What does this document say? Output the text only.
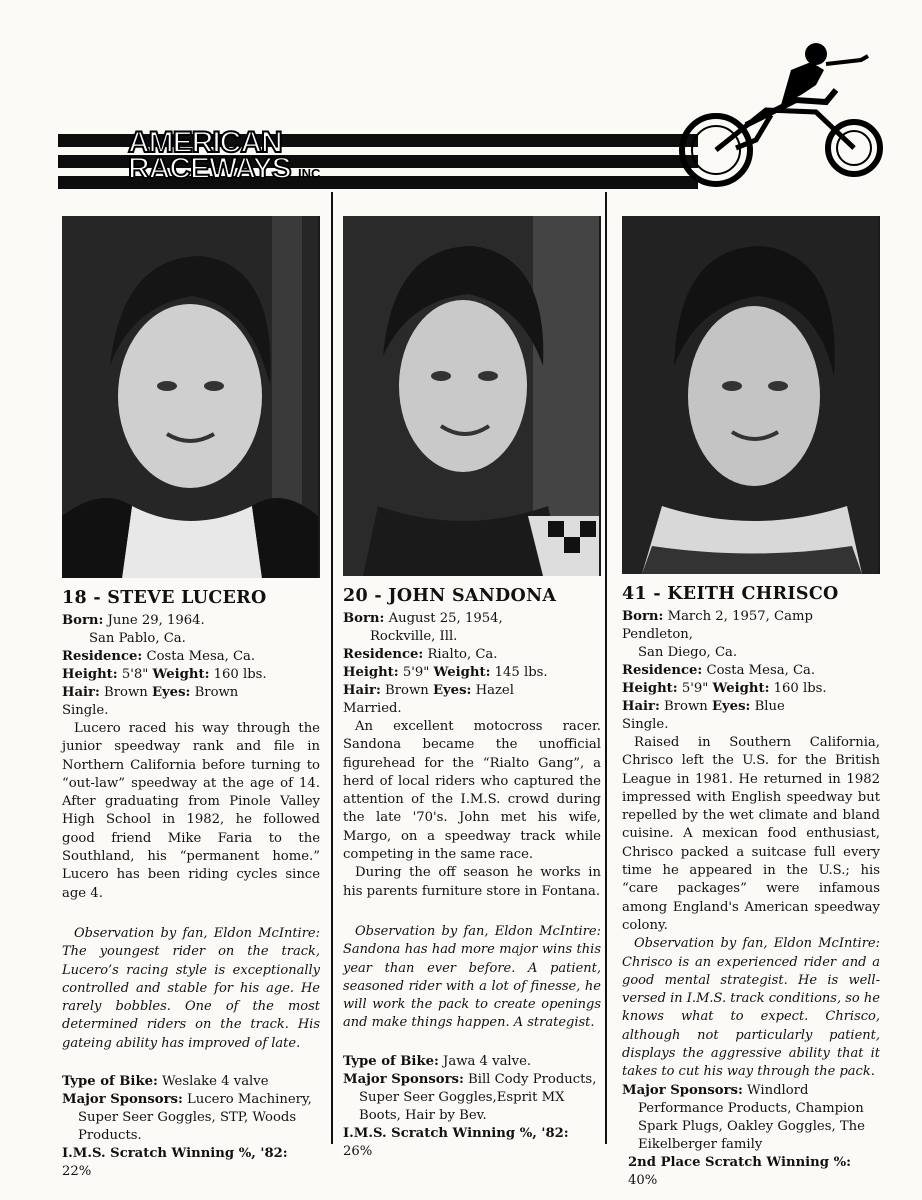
AMERICAN
RACEWAYS INC
18 - STEVE LUCERO
Born: June 29, 1964.
San Pablo, Ca.
Residence: Costa Mesa, Ca.
Height: 5'8" Weight: 160 lbs.
Hair: Brown Eyes: Brown
Single.

Lucero raced his way through the junior speedway rank and file in Northern California before turning to “out-law” speedway at the age of 14. After graduating from Pinole Valley High School in 1982, he followed good friend Mike Faria to the Southland, his “permanent home.” Lucero has been riding cycles since age 4.

Observation by fan, Eldon McIntire: The youngest rider on the track, Lucero’s racing style is exceptionally controlled and stable for his age. He rarely bobbles. One of the most determined riders on the track. His gateing ability has improved of late.

Type of Bike: Weslake 4 valve
Major Sponsors: Lucero Machinery, Super Seer Goggles, STP, Woods Products.
I.M.S. Scratch Winning %, '82: 22%
20 - JOHN SANDONA
Born: August 25, 1954,
Rockville, Ill.
Residence: Rialto, Ca.
Height: 5'9" Weight: 145 lbs.
Hair: Brown Eyes: Hazel
Married.

An excellent motocross racer. Sandona became the unofficial figurehead for the “Rialto Gang”, a herd of local riders who captured the attention of the I.M.S. crowd during the late '70's. John met his wife, Margo, on a speedway track while competing in the same race.

During the off season he works in his parents furniture store in Fontana.

Observation by fan, Eldon McIntire: Sandona has had more major wins this year than ever before. A patient, seasoned rider with a lot of finesse, he will work the pack to create openings and make things happen. A strategist.

Type of Bike: Jawa 4 valve.
Major Sponsors: Bill Cody Products, Super Seer Goggles,Esprit MX Boots, Hair by Bev.
I.M.S. Scratch Winning %, '82: 26%
41 - KEITH CHRISCO
Born: March 2, 1957, Camp Pendleton,
San Diego, Ca.
Residence: Costa Mesa, Ca.
Height: 5'9" Weight: 160 lbs.
Hair: Brown Eyes: Blue
Single.

Raised in Southern California, Chrisco left the U.S. for the British League in 1981. He returned in 1982 impressed with English speedway but repelled by the wet climate and bland cuisine. A mexican food enthusiast, Chrisco packed a suitcase full every time he appeared in the U.S.; his “care packages” were infamous among England's American speedway colony.

Observation by fan, Eldon McIntire: Chrisco is an experienced rider and a good mental strategist. He is well-versed in I.M.S. track conditions, so he knows what to expect. Chrisco, although not particularly patient, displays the aggressive ability that it takes to cut his way through the pack.

Major Sponsors: Windlord Performance Products, Champion Spark Plugs, Oakley Goggles, The Eikelberger family
2nd Place Scratch Winning %: 40%
